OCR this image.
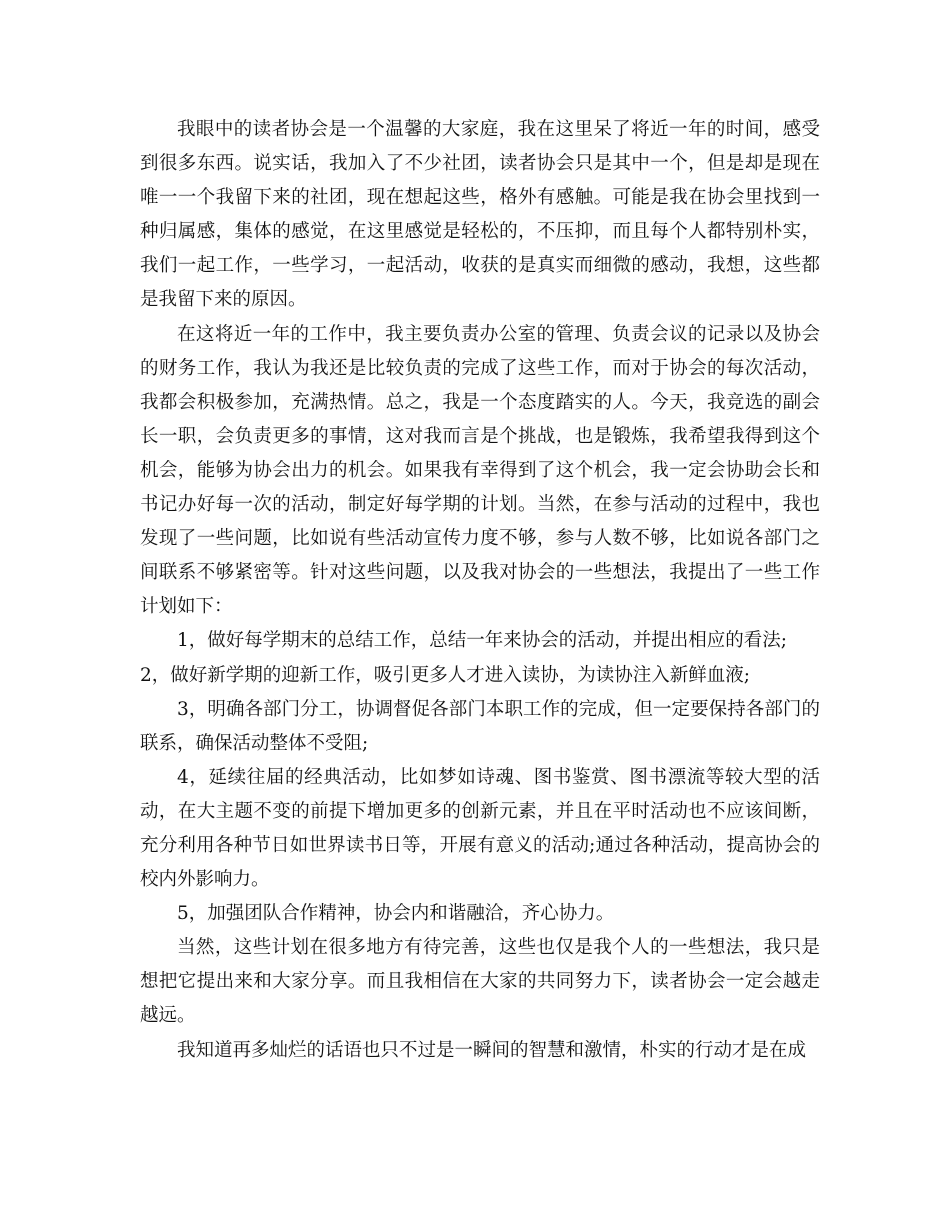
我眼中的读者协会是一个温馨的大家庭，我在这里呆了将近一年的时间，感受到很多东西。说实话，我加入了不少社团，读者协会只是其中一个，但是却是现在唯一一个我留下来的社团，现在想起这些，格外有感触。可能是我在协会里找到一种归属感，集体的感觉，在这里感觉是轻松的，不压抑，而且每个人都特别朴实，我们一起工作，一些学习，一起活动，收获的是真实而细微的感动，我想，这些都是我留下来的原因。

在这将近一年的工作中，我主要负责办公室的管理、负责会议的记录以及协会的财务工作，我认为我还是比较负责的完成了这些工作，而对于协会的每次活动，我都会积极参加，充满热情。总之，我是一个态度踏实的人。今天，我竞选的副会长一职，会负责更多的事情，这对我而言是个挑战，也是锻炼，我希望我得到这个机会，能够为协会出力的机会。如果我有幸得到了这个机会，我一定会协助会长和书记办好每一次的活动，制定好每学期的计划。当然，在参与活动的过程中，我也发现了一些问题，比如说有些活动宣传力度不够，参与人数不够，比如说各部门之间联系不够紧密等。针对这些问题，以及我对协会的一些想法，我提出了一些工作计划如下：

1，做好每学期末的总结工作，总结一年来协会的活动，并提出相应的看法;

2，做好新学期的迎新工作，吸引更多人才进入读协，为读协注入新鲜血液;

3，明确各部门分工，协调督促各部门本职工作的完成，但一定要保持各部门的联系，确保活动整体不受阻;

4，延续往届的经典活动，比如梦如诗魂、图书鉴赏、图书漂流等较大型的活动，在大主题不变的前提下增加更多的创新元素，并且在平时活动也不应该间断，充分利用各种节日如世界读书日等，开展有意义的活动;通过各种活动，提高协会的校内外影响力。

5，加强团队合作精神，协会内和谐融洽，齐心协力。

当然，这些计划在很多地方有待完善，这些也仅是我个人的一些想法，我只是想把它提出来和大家分享。而且我相信在大家的共同努力下，读者协会一定会越走越远。

我知道再多灿烂的话语也只不过是一瞬间的智慧和激情，朴实的行动才是在成
